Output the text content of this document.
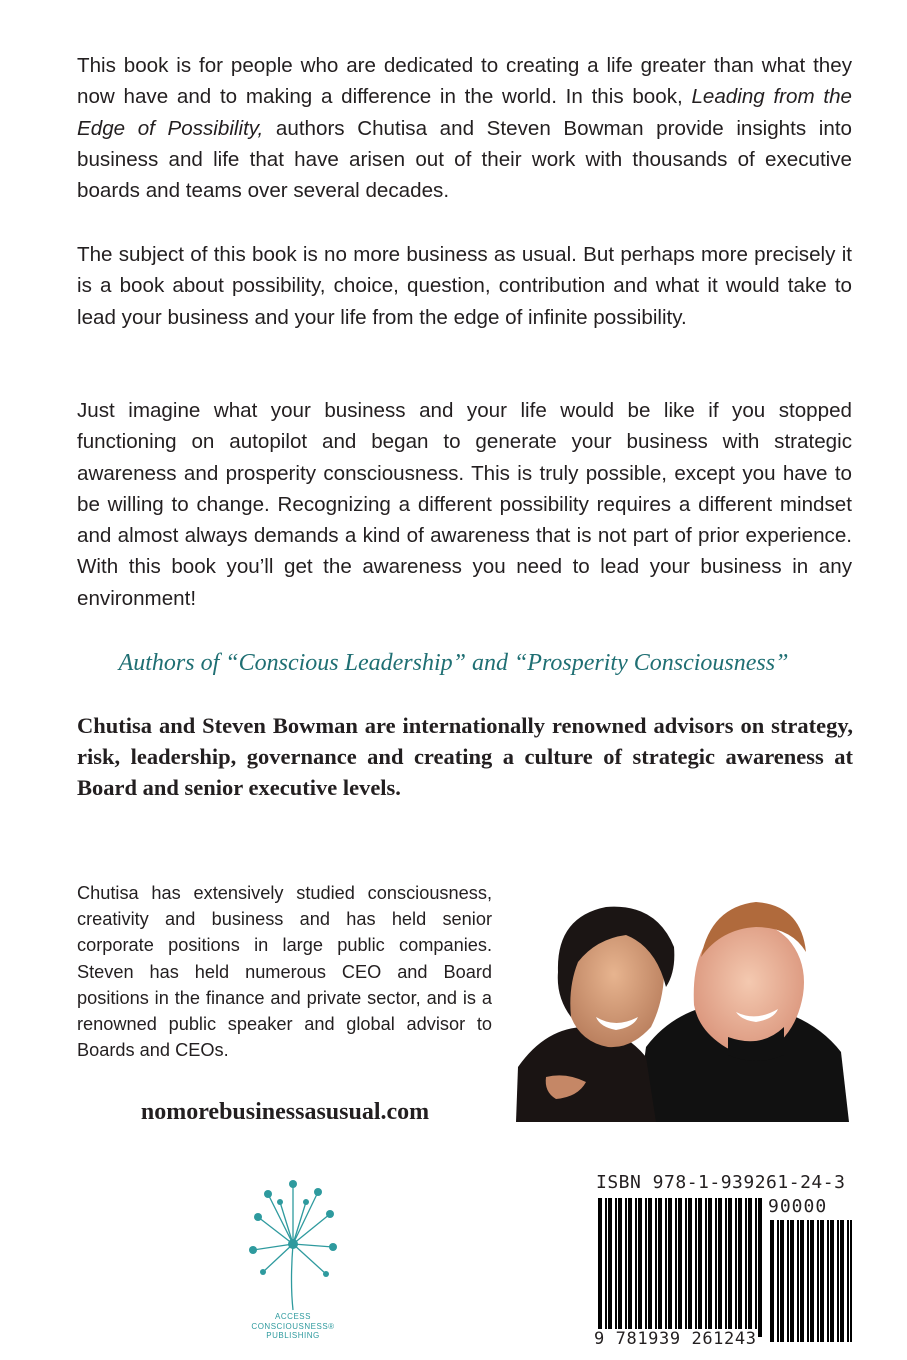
This book is for people who are dedicated to creating a life greater than what they now have and to making a difference in the world. In this book, Leading from the Edge of Possibility, authors Chutisa and Steven Bowman provide insights into business and life that have arisen out of their work with thousands of executive boards and teams over several decades.

The subject of this book is no more business as usual. But perhaps more precisely it is a book about possibility, choice, question, contribution and what it would take to lead your business and your life from the edge of infinite possibility.

Just imagine what your business and your life would be like if you stopped functioning on autopilot and began to generate your business with strategic awareness and prosperity consciousness. This is truly possible, except you have to be willing to change. Recognizing a different possibility requires a different mindset and almost always demands a kind of awareness that is not part of prior experience. With this book you’ll get the awareness you need to lead your business in any environment!

Authors of “Conscious Leadership” and “Prosperity Consciousness”

Chutisa and Steven Bowman are internationally renowned advisors on strategy, risk, leadership, governance and creating a culture of strategic awareness at Board and senior executive levels.

Chutisa has extensively studied consciousness, creativity and business and has held senior corporate positions in large public companies. Steven has held numerous CEO and Board positions in the finance and private sector, and is a renowned public speaker and global advisor to Boards and CEOs.

nomorebusinessasusual.com

ACCESS
CONSCIOUSNESS®
PUBLISHING
ISBN 978-1-939261-24-3
90000
9 781939 261243
